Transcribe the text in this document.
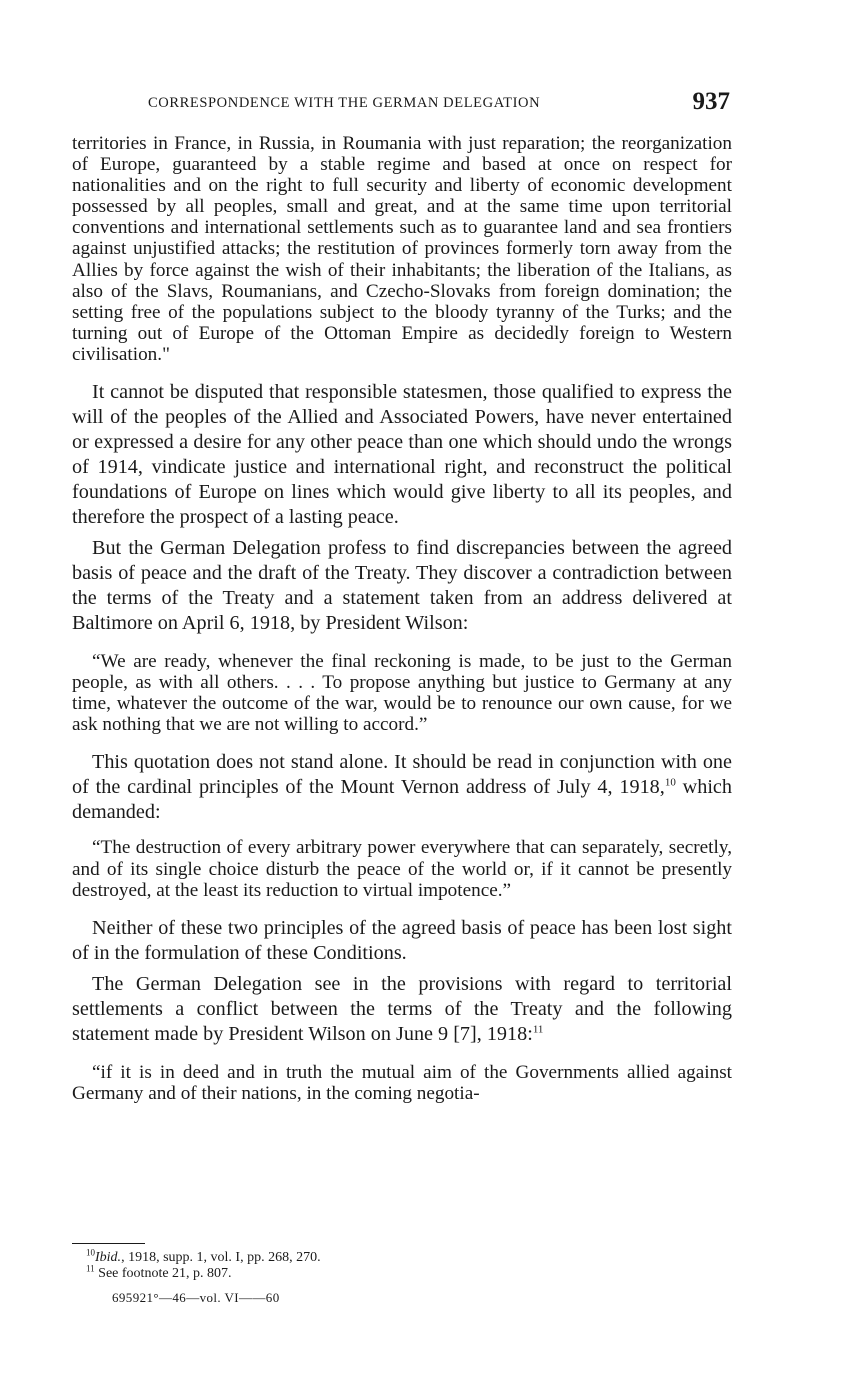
CORRESPONDENCE WITH THE GERMAN DELEGATION	937

territories in France, in Russia, in Roumania with just reparation; the reorganization of Europe, guaranteed by a stable regime and based at once on respect for nationalities and on the right to full security and liberty of economic development possessed by all peoples, small and great, and at the same time upon territorial conventions and international settlements such as to guarantee land and sea frontiers against unjustified attacks; the restitution of provinces formerly torn away from the Allies by force against the wish of their inhabitants; the liberation of the Italians, as also of the Slavs, Roumanians, and Czecho-Slovaks from foreign domination; the setting free of the populations subject to the bloody tyranny of the Turks; and the turning out of Europe of the Ottoman Empire as decidedly foreign to Western civilisation."

It cannot be disputed that responsible statesmen, those qualified to express the will of the peoples of the Allied and Associated Powers, have never entertained or expressed a desire for any other peace than one which should undo the wrongs of 1914, vindicate justice and international right, and reconstruct the political foundations of Europe on lines which would give liberty to all its peoples, and therefore the prospect of a lasting peace.

But the German Delegation profess to find discrepancies between the agreed basis of peace and the draft of the Treaty. They discover a contradiction between the terms of the Treaty and a statement taken from an address delivered at Baltimore on April 6, 1918, by President Wilson:

“We are ready, whenever the final reckoning is made, to be just to the German people, as with all others. . . . To propose anything but justice to Germany at any time, whatever the outcome of the war, would be to renounce our own cause, for we ask nothing that we are not willing to accord.”

This quotation does not stand alone. It should be read in conjunction with one of the cardinal principles of the Mount Vernon address of July 4, 1918,10 which demanded:

“The destruction of every arbitrary power everywhere that can separately, secretly, and of its single choice disturb the peace of the world or, if it cannot be presently destroyed, at the least its reduction to virtual impotence.”

Neither of these two principles of the agreed basis of peace has been lost sight of in the formulation of these Conditions.

The German Delegation see in the provisions with regard to territorial settlements a conflict between the terms of the Treaty and the following statement made by President Wilson on June 9 [7], 1918:$^{11}$

“if it is in deed and in truth the mutual aim of the Governments allied against Germany and of their nations, in the coming negotia-

$^{10}$Ibid., 1918, supp. 1, vol. I, pp. 268, 270.
$^{11}$ See footnote 21, p. 807.
695921°—46—vol. VI——60
